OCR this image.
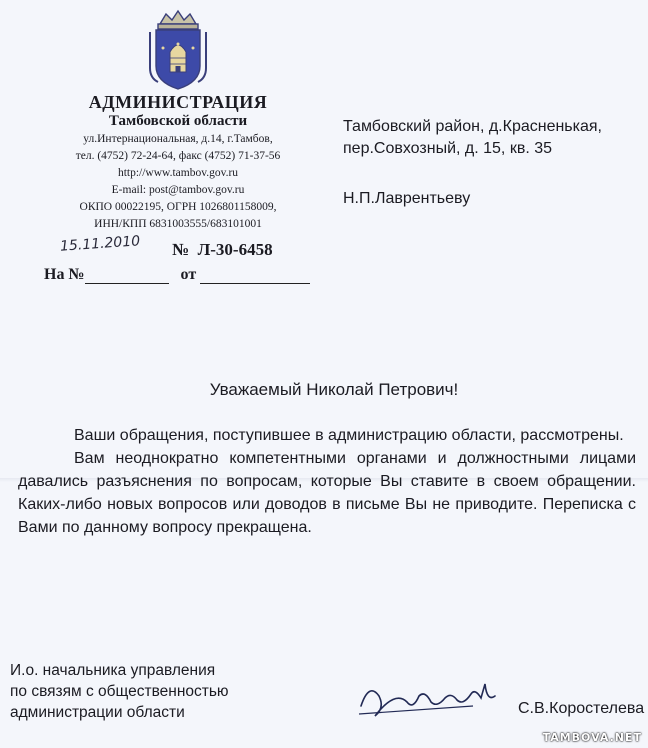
АДМИНИСТРАЦИЯ
Тамбовской области
ул.Интернациональная, д.14, г.Тамбов,
тел. (4752) 72-24-64, факс (4752) 71-37-56
http://www.tambov.gov.ru
E-mail: post@tambov.gov.ru
ОКПО 00022195, ОГРН 1026801158009,
ИНН/КПП 6831003555/683101001
15.11.2010 № Л-30-6458
На №	от
Тамбовский район, д.Красненькая,
пер.Совхозный, д. 15, кв. 35
Н.П.Лаврентьеву
Уважаемый Николай Петрович!

Ваши обращения, поступившее в администрацию области, рассмотрены.

Вам неоднократно компетентными органами и должностными лицами давались разъяснения по вопросам, которые Вы ставите в своем обращении. Каких-либо новых вопросов или доводов в письме Вы не приводите. Переписка с Вами по данному вопросу прекращена.

И.о. начальника управления
по связям с общественностью
администрации области	С.В.Коростелева
TAMBOVA.NET
